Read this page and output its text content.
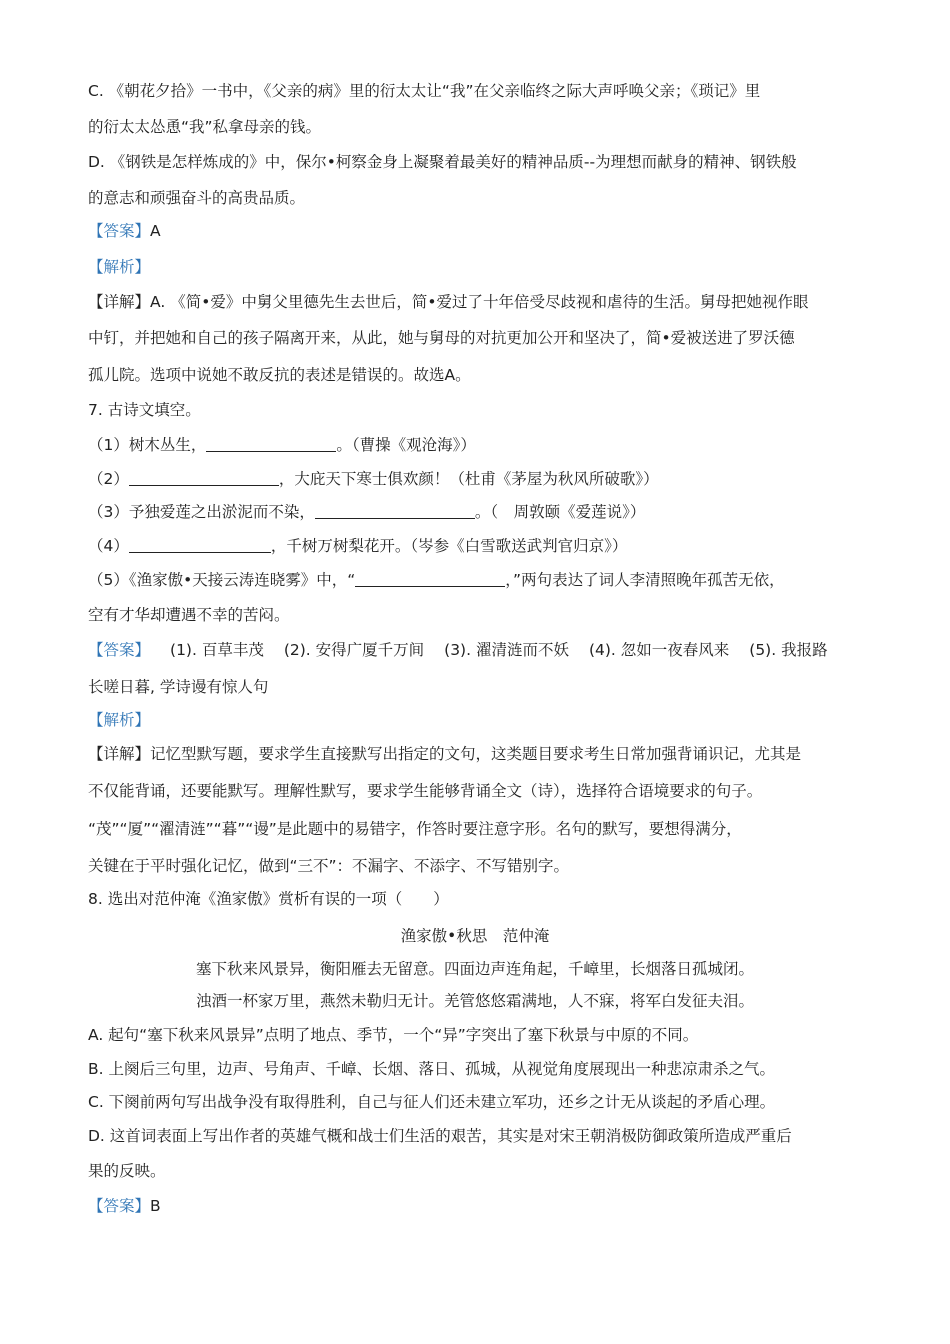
C. 《朝花夕拾》一书中，《父亲的病》里的衍太太让“我”在父亲临终之际大声呼唤父亲；《琐记》里
的衍太太怂恿“我”私拿母亲的钱。
D. 《钢铁是怎样炼成的》中，保尔•柯察金身上凝聚着最美好的精神品质--为理想而献身的精神、钢铁般
的意志和顽强奋斗的高贵品质。
【答案】A
【解析】
【详解】A. 《简•爱》中舅父里德先生去世后，简•爱过了十年倍受尽歧视和虐待的生活。舅母把她视作眼
中钉，并把她和自己的孩子隔离开来，从此，她与舅母的对抗更加公开和坚决了，简•爱被送进了罗沃德
孤儿院。选项中说她不敢反抗的表述是错误的。故选A。
7. 古诗文填空。
（1）树木丛生，	。（曹操《观沧海》）
（2）	，大庇天下寒士俱欢颜！（杜甫《茅屋为秋风所破歌》）
（3）予独爱莲之出淤泥而不染，	。（　周敦颐《爱莲说》）
（4）	，千树万树梨花开。（岑参《白雪歌送武判官归京》）
（5）《渔家傲•天接云涛连晓雾》中，“	，”两句表达了词人李清照晚年孤苦无依，
空有才华却遭遇不幸的苦闷。
【答案】 (1). 百草丰茂 (2). 安得广厦千万间 (3). 濯清涟而不妖 (4). 忽如一夜春风来 (5). 我报路
长嗟日暮, 学诗谩有惊人句
【解析】
【详解】记忆型默写题，要求学生直接默写出指定的文句，这类题目要求考生日常加强背诵识记，尤其是
不仅能背诵，还要能默写。理解性默写，要求学生能够背诵全文（诗），选择符合语境要求的句子。
“茂”“厦”“濯清涟”“暮”“谩”是此题中的易错字，作答时要注意字形。名句的默写，要想得满分，
关键在于平时强化记忆，做到“三不”：不漏字、不添字、不写错别字。
8. 选出对范仲淹《渔家傲》赏析有误的一项（　　）
渔家傲•秋思　范仲淹
塞下秋来风景异，衡阳雁去无留意。四面边声连角起，千嶂里，长烟落日孤城闭。
浊酒一杯家万里，燕然未勒归无计。羌管悠悠霜满地，人不寐，将军白发征夫泪。
A. 起句“塞下秋来风景异”点明了地点、季节，一个“异”字突出了塞下秋景与中原的不同。
B. 上阕后三句里，边声、号角声、千嶂、长烟、落日、孤城，从视觉角度展现出一种悲凉肃杀之气。
C. 下阕前两句写出战争没有取得胜利，自己与征人们还未建立军功，还乡之计无从谈起的矛盾心理。
D. 这首词表面上写出作者的英雄气概和战士们生活的艰苦，其实是对宋王朝消极防御政策所造成严重后
果的反映。
【答案】B
